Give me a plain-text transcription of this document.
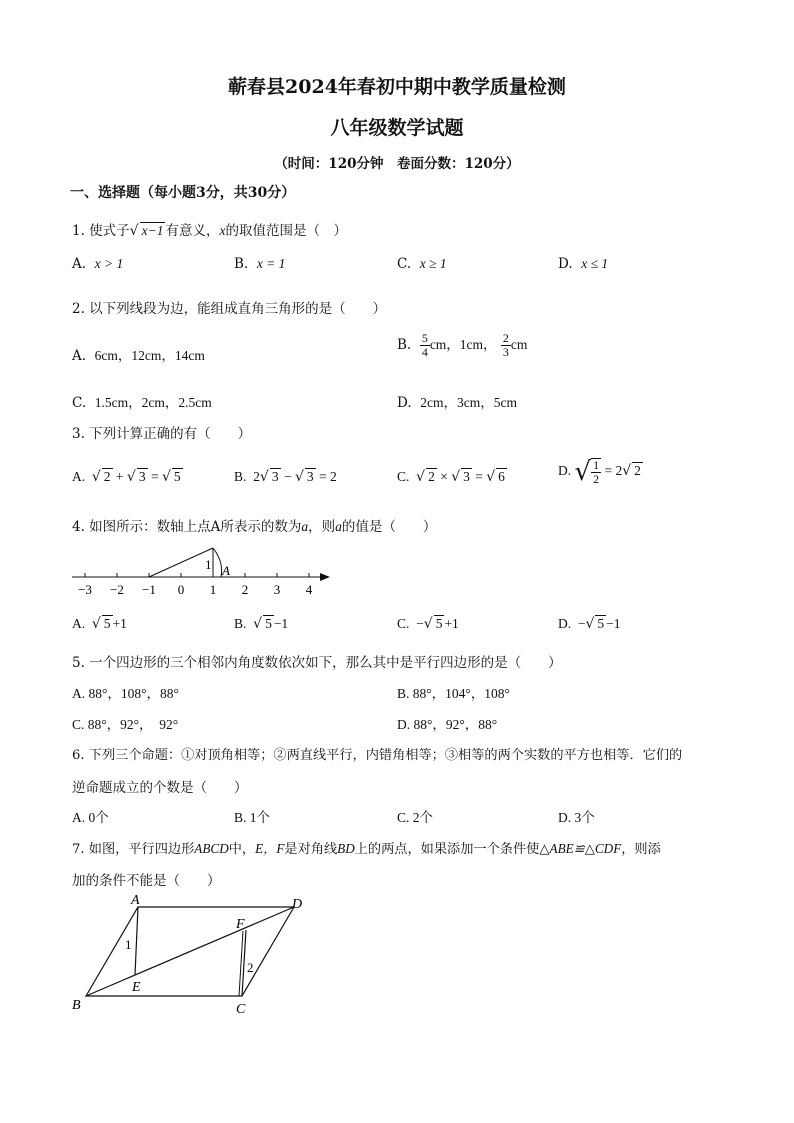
蕲春县2024年春初中期中教学质量检测
八年级数学试题
（时间：120分钟　卷面分数：120分）
一、选择题（每小题3分，共30分）
1. 使式子√ x−1 有意义，x的取值范围是（　）
A. x > 1	B. x = 1	C. x ≥ 1	D. x ≤ 1
2. 以下列线段为边，能组成直角三角形的是（　　）
A. 6cm，12cm，14cm
B. $\frac{5}{4}$ cm，1cm， $\frac{2}{3}$ cm
C. 1.5cm，2cm，2.5cm	D. 2cm，3cm，5cm
3. 下列计算正确的有（　　）
A. √ 2 + √ 3 = √ 5	B. 2√ 3 − √ 3 = 2	C. √ 2 × √ 3 = √ 6	D. √ $\frac{1}{2} = 2√$ 2
4. 如图所示：数轴上点A所表示的数为a，则a的值是（　　）
−3 −2 −1 0 1 2 3 4
1 A
A. √ 5 +1	B. √ 5 −1	C. −√ 5 +1	D. −√ 5 −1
5. 一个四边形的三个相邻内角度数依次如下，那么其中是平行四边形的是（　　）
A. 88°，108°，88°	B. 88°，104°，108°
C. 88°，92°，　92°	D. 88°，92°，88°
6. 下列三个命题：①对顶角相等；②两直线平行，内错角相等；③相等的两个实数的平方也相等．它们的
逆命题成立的个数是（　　）
A. 0个	B. 1个	C. 2个	D. 3个
7. 如图，平行四边形ABCD中，E，F是对角线BD上的两点，如果添加一个条件使△ABE≌△CDF，则添
加的条件不能是（　　）
A	D
B	C
E
F
1
2
